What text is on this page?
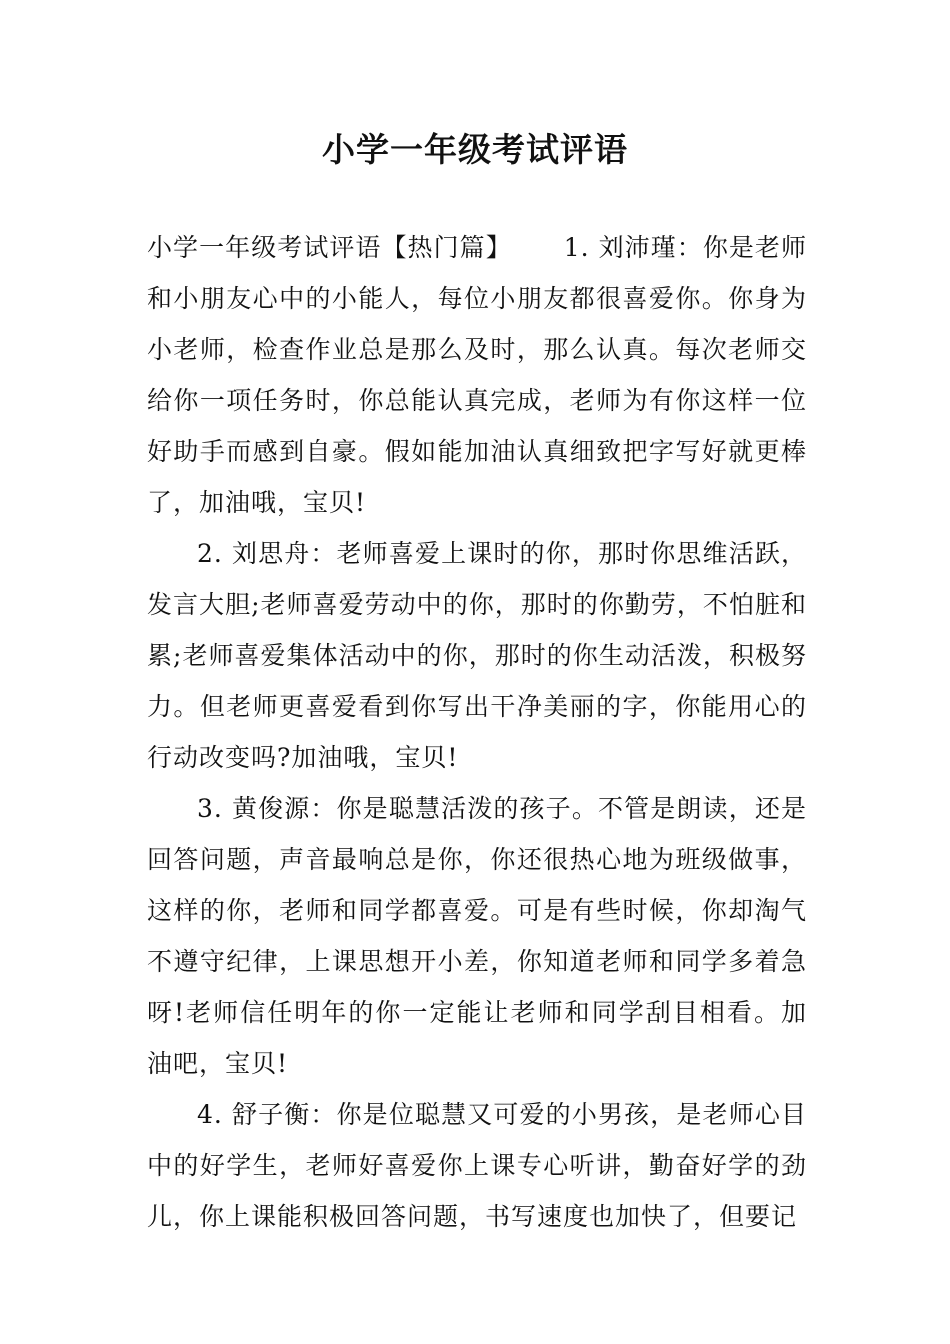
小学一年级考试评语

小学一年级考试评语【热门篇】 1. 刘沛瑾：你是老师和小朋友心中的小能人，每位小朋友都很喜爱你。你身为小老师，检查作业总是那么及时，那么认真。每次老师交给你一项任务时，你总能认真完成，老师为有你这样一位好助手而感到自豪。假如能加油认真细致把字写好就更棒了，加油哦，宝贝!

2. 刘思舟：老师喜爱上课时的你，那时你思维活跃，发言大胆;老师喜爱劳动中的你，那时的你勤劳，不怕脏和累;老师喜爱集体活动中的你，那时的你生动活泼，积极努力。但老师更喜爱看到你写出干净美丽的字，你能用心的行动改变吗?加油哦，宝贝!

3. 黄俊源：你是聪慧活泼的孩子。不管是朗读，还是回答问题，声音最响总是你，你还很热心地为班级做事，这样的你，老师和同学都喜爱。可是有些时候，你却淘气不遵守纪律，上课思想开小差，你知道老师和同学多着急呀!老师信任明年的你一定能让老师和同学刮目相看。加油吧，宝贝!

4. 舒子衡：你是位聪慧又可爱的小男孩，是老师心目中的好学生，老师好喜爱你上课专心听讲，勤奋好学的劲儿，你上课能积极回答问题，书写速度也加快了，但要记
